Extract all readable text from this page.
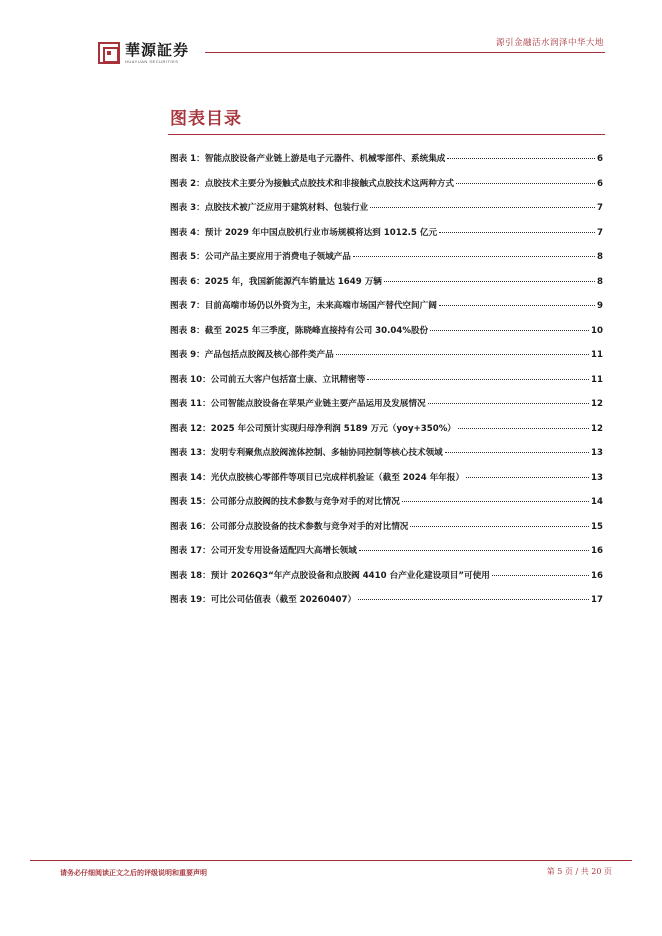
華源証券
HUAYUAN SECURITIES
源引金融活水润泽中华大地
图表目录
图表 1： 智能点胶设备产业链上游是电子元器件、机械零部件、系统集成	6
图表 2： 点胶技术主要分为接触式点胶技术和非接触式点胶技术这两种方式	6
图表 3： 点胶技术被广泛应用于建筑材料、包装行业	7
图表 4： 预计 2029 年中国点胶机行业市场规模将达到 1012.5 亿元	7
图表 5： 公司产品主要应用于消费电子领域产品	8
图表 6： 2025 年，我国新能源汽车销量达 1649 万辆	8
图表 7： 目前高端市场仍以外资为主，未来高端市场国产替代空间广阔	9
图表 8： 截至 2025 年三季度，陈晓峰直接持有公司 30.04%股份	10
图表 9： 产品包括点胶阀及核心部件类产品	11
图表 10： 公司前五大客户包括富士康、立讯精密等	11
图表 11： 公司智能点胶设备在苹果产业链主要产品运用及发展情况	12
图表 12： 2025 年公司预计实现归母净利润 5189 万元（yoy+350%）	12
图表 13： 发明专利聚焦点胶阀流体控制、多轴协同控制等核心技术领域	13
图表 14： 光伏点胶核心零部件等项目已完成样机验证（截至 2024 年年报）	13
图表 15： 公司部分点胶阀的技术参数与竞争对手的对比情况	14
图表 16： 公司部分点胶设备的技术参数与竞争对手的对比情况	15
图表 17： 公司开发专用设备适配四大高增长领域	16
图表 18： 预计 2026Q3“年产点胶设备和点胶阀 4410 台产业化建设项目”可使用	16
图表 19： 可比公司估值表（截至 20260407）	17
请务必仔细阅读正文之后的评级说明和重要声明	第 5 页 / 共 20 页
